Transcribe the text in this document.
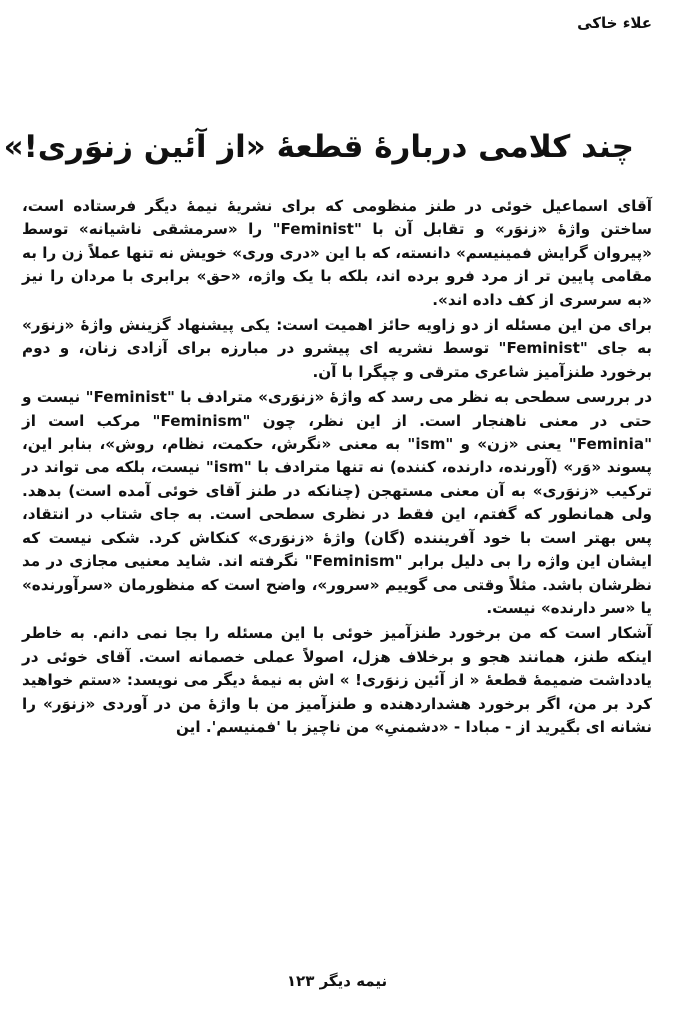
علاء خاکی
چند کلامی دربارهٔ قطعهٔ «از آئین زنوَری!»

آقای اسماعیل خوئی در طنز منظومی که برای نشریهٔ نیمهٔ دیگر فرستاده است، ساختن واژهٔ «زنوَر» و تقابل آن با "Feminist" را «سرمشقی ناشیانه» توسط «پیروان گرایش فمینیسم» دانسته، که با این «دری وری» خویش نه تنها عملاً زن را به مقامی پایین تر از مرد فرو برده اند، بلکه با یک واژه، «حق» برابری با مردان را نیز «به سرسری از کف داده اند».

برای من این مسئله از دو زاویه حائز اهمیت است: یکی پیشنهاد گزینش واژهٔ «زنوَر» به جای "Feminist" توسط نشریه ای پیشرو در مبارزه برای آزادی زنان، و دوم برخورد طنزآمیز شاعری مترقی و چپگرا با آن.

در بررسی سطحی به نظر می رسد که واژهٔ «زنوَری» مترادف با "Feminist" نیست و حتی در معنی ناهنجار است. از این نظر، چون "Feminism" مرکب است از "Feminia" یعنی «زن» و "ism" به معنی «نگرش، حکمت، نظام، روش»، بنابر این، پسوند «وَر» (آورنده، دارنده، کننده) نه تنها مترادف با "ism" نیست، بلکه می تواند در ترکیب «زنوَری» به آن معنی مستهجن (چنانکه در طنز آقای خوئی آمده است) بدهد. ولی همانطور که گفتم، این فقط در نظری سطحی است. به جای شتاب در انتقاد، پس بهتر است با خود آفریننده (گان) واژهٔ «زنوَری» کنکاش کرد. شکی نیست که ایشان این واژه را بی دلیل برابر "Feminism" نگرفته اند. شاید معنیی مجازی در مد نظرشان باشد. مثلاً وقتی می گوییم «سرور»، واضح است که منظورمان «سرآورنده» یا «سر دارنده» نیست.

آشکار است که من برخورد طنزآمیز خوئی با این مسئله را بجا نمی دانم. به خاطر اینکه طنز، همانند هجو و برخلاف هزل، اصولاً عملی خصمانه است. آقای خوئی در یادداشت ضمیمهٔ قطعهٔ « از آئین زنوَری! » اش به نیمهٔ دیگر می نویسد: «ستم خواهید کرد بر من، اگر برخورد هشداردهنده و طنزآمیز من با واژهٔ من در آوردی «زنوَر» را نشانه ای بگیرید از - مبادا - «دشمنیِ» من ناچیز با 'فمنیسم'. این

نیمه دیگر ۱۲۳
